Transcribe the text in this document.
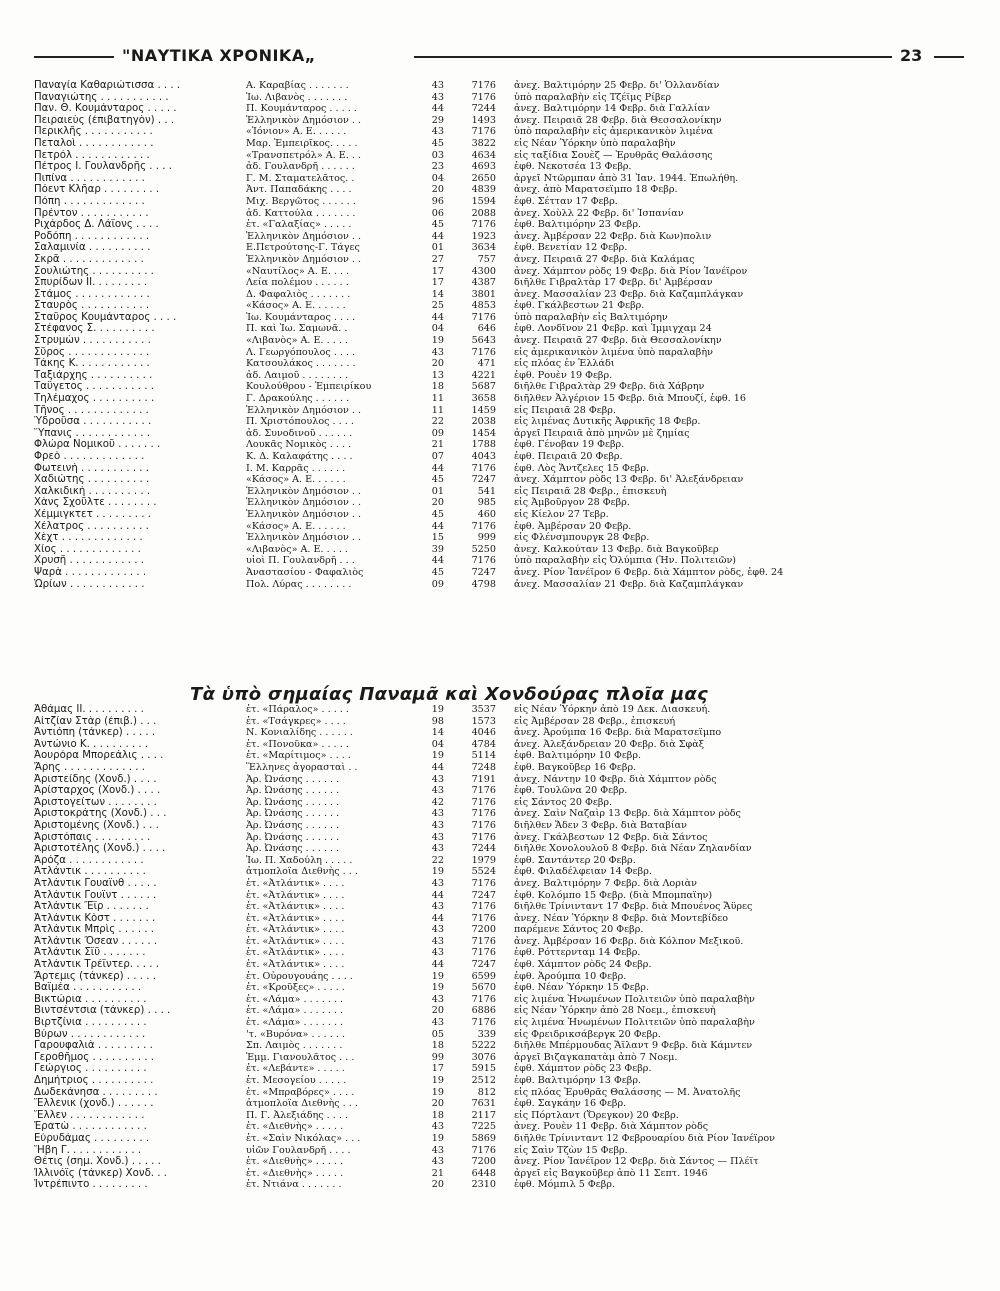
"ΝΑΥΤΙΚΑ ΧΡΟΝΙΚΑ„	23
Παναγία Καθαριώτισσα . . . .	Α. Καραβίας . . . . . . .	43	7176 ἀνεχ. Βαλτιμόρην 25 Φεβρ. δι' Ὁλλανδίαν
Παναγιώτης . . . . . . . . . . .	Ἰω. Λιβανὸς . . . . . . .	43	7176 ὑπὸ παραλαβὴν εἰς Τζέϊμς Ρίβερ
Παν. Θ. Κουμάνταρος . . . . .	Π. Κουμάνταρος . . . . .	44	7244 ἀνεχ. Βαλτιμόρην 14 Φεβρ. διὰ Γαλλίαν
Πειραιεὺς (ἐπιβατηγὸν) . . .	Ἑλληνικὸν Δημόσιον . .	29	1493 ἀνεχ. Πειραιᾶ 28 Φεβρ. διὰ Θεσσαλονίκην
Περικλῆς . . . . . . . . . . .	«Ἰόνιον» Α. Ε. . . . . .	43	7176 ὑπὸ παραλαβὴν εἰς ἀμερικανικὸν λιμένα
Πεταλοὶ . . . . . . . . . . . .	Μαρ. Ἐμπειρῖκος. . . . .	45	3822 εἰς Νέαν Ὑόρκην ὑπὸ παραλαβὴν
Πετρόλ . . . . . . . . . . . .	«Τρανσπετρόλ» Α. Ε. . .	03	4634 εἰς ταξίδια Σουὲζ — Ἐρυθρᾶς Θαλάσσης
Πέτρος Ι. Γουλανδρῆς . . . .	ἀδ. Γουλανδρῆ . . . . . .	23	4693 ἐφθ. Νεκοτσέα 13 Φεβρ.
Πιπίνα . . . . . . . . . . . .	Γ. Μ. Σταματελᾶτος. .	04	2650 ἀργεῖ Ντῶρμπαν ἀπὸ 31 Ἰαν. 1944. Ἐπωλήθη.
Πόεντ Κλῆαρ . . . . . . . . .	Ἀντ. Παπαδάκης . . . .	20	4839 ἀνεχ. ἀπὸ Μαρατσεϊμπο 18 Φεβρ.
Πόπη . . . . . . . . . . . . .	Μιχ. Βεργῶτος . . . . . .	96	1594 ἐφθ. Σέτταν 17 Φεβρ.
Πρέντον . . . . . . . . . . .	ἀδ. Καττούλα . . . . . . .	06	2088 ἀνεχ. Χοὺλλ 22 Φεβρ. δι' Ἱσπανίαν
Ριχάρδος Δ. Λάϊονς . . . .	ἐτ. «Γαλαξίας» . . . . .	45	7176 ἐφθ. Βαλτιμόρην 23 Φεβρ.
Ροδόπη . . . . . . . . . . . .	Ἑλληνικὸν Δημόσιον . .	44	1923 ἀνεχ. Ἀμβέρσαν 22 Φεβρ. διὰ Κων)πολιν
Σαλαμινία . . . . . . . . . .	Ε.Πετρούτσης-Γ. Τάγες	01	3634 ἐφθ. Βενετίαν 12 Φεβρ.
Σκρᾶ . . . . . . . . . . . . .	Ἑλληνικὸν Δημόσιον . .	27	757 ἀνεχ. Πειραιᾶ 27 Φεβρ. διὰ Καλάμας
Σουλιώτης . . . . . . . . . .	«Ναυτίλος» Α. Ε. . . .	17	4300 ἀνεχ. Χάμπτον ρὸδς 19 Φεβρ. διὰ Ρίον Ἰανέϊρον
Σπυρίδων ΙΙ. . . . . . . . .	Λεία πολέμου . . . . . .	17	4387 διῆλθε Γιβραλτὰρ 17 Φεβρ. δι' Ἀμβέρσαν
Στάμος . . . . . . . . . . . .	Δ. Φαφαλιὸς . . . . . . .	14	3801 ἀνεχ. Μασσαλίαν 23 Φεβρ. διὰ Καζαμπλάγκαν
Σταυρὸς . . . . . . . . . . .	«Κάσος» Α. Ε. . . . . .	25	4853 ἐφθ. Γκάλβεστων 21 Φεβρ.
Σταῦρος Κουμάνταρος . . . .	Ἰω. Κουμάνταρος . . . .	44	7176 ὑπὸ παραλαβὴν εἰς Βαλτιμόρην
Στέφανος Σ. . . . . . . . . .	Π. καὶ Ἰω. Σαμωνᾶ. .	04	646 ἐφθ. Λονδῖνον 21 Φεβρ. καὶ Ἰμμιγχαμ 24
Στρυμὼν . . . . . . . . . . .	«Λιβανὸς» Α. Ε. . . . .	19	5643 ἀνεχ. Πειραιᾶ 27 Φεβρ. διὰ Θεσσαλονίκην
Σῦρος . . . . . . . . . . . . .	Λ. Γεωργόπουλος . . . .	43	7176 εἰς ἀμερικανικὸν λιμένα ὑπὸ παραλαβὴν
Τάκης Κ. . . . . . . . . . . .	Κατσουλάκος . . . . . . .	20	471 εἰς πλόας ἐν Ἑλλάδι
Ταξιάρχης . . . . . . . . . .	ἀδ. Λαιμοῦ . . . . . . . .	13	4221 ἐφθ. Ρουὲν 19 Φεβρ.
Ταΰγετος . . . . . . . . . . .	Κουλούθρου - Ἐμπειρίκου	18	5687 διῆλθε Γιβραλτὰρ 29 Φεβρ. διὰ Χάβρην
Τηλέμαχος . . . . . . . . . .	Γ. Δρακούλης . . . . . .	11	3658 διῆλθεν Ἀλγέριον 15 Φεβρ. διὰ Μπουζί, ἐφθ. 16
Τῆνος . . . . . . . . . . . . .	Ἑλληνικὸν Δημόσιον . .	11	1459 εἰς Πειραιᾶ 28 Φεβρ.
Ὑδροῦσα . . . . . . . . . . .	Π. Χριστόπουλος . . . .	22	2038 εἰς λιμένας Δυτικῆς Ἀφρικῆς 18 Φεβρ.
Ὕπανις . . . . . . . . . . . .	ἀδ. Συνοδινοῦ . . . . . .	09	1454 ἀργεῖ Πειραιᾶ ἀπὸ μηνῶν μὲ ζημίας
Φλώρα Νομικοῦ . . . . . . .	Λουκᾶς Νομικὸς . . . .	21	1788 ἐφθ. Γένοβαν 19 Φεβρ.
Φρεὸ . . . . . . . . . . . . .	Κ. Δ. Καλαφάτης . . . .	07	4043 ἐφθ. Πειραιᾶ 20 Φεβρ.
Φωτεινὴ . . . . . . . . . . .	Ι. Μ. Καρρᾶς . . . . . .	44	7176 ἐφθ. Λὸς Ἄντζελες 15 Φεβρ.
Χαδιώτης . . . . . . . . . .	«Κάσος» Α. Ε. . . . . .	45	7247 ἀνεχ. Χάμπτον ρὸδς 13 Φεβρ. δι' Ἀλεξάνδρειαν
Χαλκιδικὴ . . . . . . . . . .	Ἑλληνικὸν Δημόσιον . .	01	541 εἰς Πειραιᾶ 28 Φεβρ., ἐπισκευὴ
Χὰνς Σχοῦλτε . . . . . . . .	Ἑλληνικὸν Δημόσιον . .	20	985 εἰς Ἀμβοῦργον 28 Φεβρ.
Χέμμιγκτετ . . . . . . . . .	Ἑλληνικὸν Δημόσιον . .	45	460 εἰς Κίελον 27 Τεβρ.
Χέλατρος . . . . . . . . . .	«Κάσος» Α. Ε. . . . . .	44	7176 ἐφθ. Ἀμβέρσαν 20 Φεβρ.
Χὲχτ . . . . . . . . . . . . .	Ἑλληνικὸν Δημόσιον . .	15	999 εἰς Φλένσμπουργκ 28 Φεβρ.
Χίος . . . . . . . . . . . . .	«Λιβανὸς» Α. Ε. . . . .	39	5250 ἀνεχ. Καλκούταν 13 Φεβρ. διὰ Βαγκοῦβερ
Χρυσῆ . . . . . . . . . . . .	υἱοὶ Π. Γουλανδρῆ . . .	44	7176 ὑπὸ παραλαβὴν εἰς Ὀλύμπια (Ἠν. Πολιτειῶν)
Ψαρὰ . . . . . . . . . . . . .	Ἀναστασίου - Φαφαλιὸς	45	7247 ἀνεχ. Ρίον Ἰανέϊρον 6 Φεβρ. διὰ Χάμπτον ρὸδς, ἐφθ. 24
Ὡρίων . . . . . . . . . . . .	Πολ. Λύρας . . . . . . . .	09	4798 ἀνεχ. Μασσαλίαν 21 Φεβρ. διὰ Καζαμπλάγκαν
Τὰ ὑπὸ σημαίας Παναμᾶ καὶ Χονδούρας πλοῖα μας
Ἀθάμας ΙΙ. . . . . . . . . .	ἐτ. «Πάραλος» . . . . .	19	3537 εἰς Νέαν Ὑόρκην ἀπὸ 19 Δεκ. Διασκευή.
Αἰτζίαν Στὰρ (ἐπιβ.) . . .	ἐτ. «Τσάγκρες» . . . .	98	1573 εἰς Ἀμβέρσαν 28 Φεβρ., ἐπισκευή
Ἀντιόπη (τάνκερ) . . . . .	Ν. Κονιαλίδης . . . . . .	14	4046 ἀνεχ. Ἀρούμπα 16 Φεβρ. διὰ Μαρατσεϊμπο
Ἀντώνιο Κ. . . . . . . . . .	ἐτ. «Πονοῦκα» . . . . .	04	4784 ἀνεχ. Ἀλεξάνδρειαν 20 Φεβρ. διὰ Σφὰξ
Ἀουρόρα Μπορεάλις . . . .	ἐτ. «Μαρίτιμος» . . . .	19	5114 ἐφθ. Βαλτιμόρην 10 Φεβρ.
Ἄρης . . . . . . . . . . . . .	Ἕλληνες ἀγορασταὶ . .	44	7248 ἐφθ. Βαγκοῦβερ 16 Φεβρ.
Ἀριστείδης (Χονδ.) . . . .	Ἀρ. Ὠνάσης . . . . . .	43	7191 ἀνεχ. Νάντην 10 Φεβρ. διὰ Χάμπτον ρὸδς
Ἀρίσταρχος (Χονδ.) . . . .	Ἀρ. Ὠνάσης . . . . . .	43	7176 ἐφθ. Τουλῶνα 20 Φεβρ.
Ἀριστογείτων . . . . . . . .	Ἀρ. Ὠνάσης . . . . . .	42	7176 εἰς Σάντος 20 Φεβρ.
Ἀριστοκράτης (Χονδ.) . . .	Ἀρ. Ὠνάσης . . . . . .	43	7176 ἀνεχ. Σαὶν Ναζαὶρ 13 Φεβρ. διὰ Χάμπτον ρὸδς
Ἀριστομένης (Χονδ.) . . .	Ἀρ. Ὠνάσης . . . . . .	43	7176 διῆλθεν Ἄδεν 3 Φεβρ. διὰ Βαταβίαν
Ἀριστόπαις . . . . . . . . .	Ἀρ. Ὠνάσης . . . . . .	43	7176 ἀνεχ. Γκάλβεστων 12 Φεβρ. διὰ Σάντος
Ἀριστοτέλης (Χονδ.) . . . .	Ἀρ. Ὠνάσης . . . . . .	43	7244 διῆλθε Χονολουλοῦ 8 Φεβρ. διὰ Νέαν Ζηλανδίαν
Ἀρόζα . . . . . . . . . . . .	Ἰω. Π. Χαδούλη . . . . .	22	1979 ἐφθ. Σαντάντερ 20 Φεβρ.
Ἀτλάντικ . . . . . . . . . .	ἀτμοπλοΐα Διεθνὴς . . .	19	5524 ἐφθ. Φιλαδέλφειαν 14 Φεβρ.
Ἀτλάντικ Γουαΐνθ . . . . .	ἐτ. «Ἀτλάντικ» . . . .	43	7176 ἀνεχ. Βαλτιμόρην 7 Φεβρ. διὰ Λοριὰν
Ἀτλάντικ Γουΐντ . . . . . .	ἐτ. «Ἀτλάντικ» . . . .	44	7247 ἐφθ. Κολόμπο 15 Φεβρ. (διὰ Μπομπαΐην)
Ἀτλάντικ Ἔϊρ . . . . . . .	ἐτ. «Ἀτλάντικ» . . . .	43	7176 διῆλθε Τρίνινταντ 17 Φεβρ. διὰ Μπουένος Ἄϋρες
Ἀτλάντικ Κὸστ . . . . . . .	ἐτ. «Ἀτλάντικ» . . . .	44	7176 ἀνεχ. Νέαν Ὑόρκην 8 Φεβρ. διὰ Μοντεβίδεο
Ἀτλάντικ Μπρὶς . . . . . .	ἐτ. «Ἀτλάντικ» . . . .	43	7200 παρέμενε Σάντος 20 Φεβρ.
Ἀτλάντικ Ὄσεαν . . . . . .	ἐτ. «Ἀτλάντικ» . . . .	43	7176 ἀνεχ. Ἀμβέρσαν 16 Φεβρ. διὰ Κόλπον Μεξικοῦ.
Ἀτλάντικ Σῒῦ . . . . . . .	ἐτ. «Ἀτλάντικ» . . . .	43	7176 ἐφθ. Ρόττερνταμ 14 Φεβρ.
Ἀτλάντικ Τρέϊντερ. . . . .	ἐτ. «Ἀτλάντικ» . . . .	44	7247 ἐφθ. Χάμπτον ρὸδς 24 Φεβρ.
Ἄρτεμις (τάνκερ) . . . . .	ἐτ. Οὐρουγουάης . . . .	19	6599 ἐφθ. Ἀρούμπα 10 Φεβρ.
Βαϊμέα . . . . . . . . . . .	ἐτ. «Κροῦξες» . . . . .	19	5670 ἐφθ. Νέαν Ὑόρκην 15 Φεβρ.
Βικτώρια . . . . . . . . . .	ἐτ. «Λάμα» . . . . . . .	43	7176 εἰς λιμένα Ἠνωμένων Πολιτειῶν ὑπὸ παραλαβὴν
Βιντσέντσια (τάνκερ) . . . .	ἐτ. «Λάμα» . . . . . . .	20	6886 εἰς Νέαν Ὑόρκην ἀπὸ 28 Νοεμ., ἐπισκευὴ
Βιρτζίνια . . . . . . . . . .	ἐτ. «Λάμα» . . . . . . .	43	7176 εἰς λιμένα Ἠνωμένων Πολιτειῶν ὑπὸ παραλαβὴν
Βύρων . . . . . . . . . . . .	'τ. «Βυρόνα» . . . . . .	05	339 εἰς Φρειδρικσάβεργκ 20 Φεβρ.
Γαρουφαλιὰ . . . . . . . . .	Σπ. Λαιμὸς . . . . . . .	18	5222 διῆλθε Μπέρμουδας Ἄϊλαντ 9 Φεβρ. διὰ Κάμντεν
Γεροθῆμος . . . . . . . . . .	Ἐμμ. Γιανουλᾶτος . . .	99	3076 ἀργεῖ Βιζαγκαπατὰμ ἀπὸ 7 Νοεμ.
Γεώργιος . . . . . . . . . .	ἐτ. «Λεβάντε» . . . . .	17	5915 ἐφθ. Χάμπτον ρὸδς 23 Φεβρ.
Δημήτριος . . . . . . . . . .	ἐτ. Μεσογείου . . . . .	19	2512 ἐφθ. Βαλτιμόρην 13 Φεβρ.
Δωδεκάνησα . . . . . . . . .	ἐτ. «Μπραβόρες» . . . .	19	812 εἰς πλόας Ἐρυθρᾶς Θαλάσσης — Μ. Ἀνατολῆς
Ἕλλενικ (χονδ.) . . . . . .	ἀτμοπλοΐα Διεθνὴς . . .	20	7631 ἐφθ. Σαγκάην 16 Φεβρ.
Ἕλλεν . . . . . . . . . . . .	Π. Γ. Ἀλεξιάδης . . . .	18	2117 εἰς Πόρτλαντ (Ὄρεγκον) 20 Φεβρ.
Ἐρατὼ . . . . . . . . . . . .	ἐτ. «Διεθνὴς» . . . . .	43	7225 ἀνεχ. Ρουὲν 11 Φεβρ. διὰ Χάμπτον ρὸδς
Εὐρυδάμας . . . . . . . . .	ἐτ. «Σαὶν Νικόλας» . . .	19	5869 διῆλθε Τρίνινταντ 12 Φεβρουαρίου διὰ Ρίον Ἰανέϊρον
Ἥβη Γ. . . . . . . . . . . .	υἱῶν Γουλανδρῆ . . . .	43	7176 εἰς Σαὶν Τζὼν 15 Φεβρ.
Θέτις (σημ. Χονδ.) . . . . .	ἐτ. «Διεθνὴς» . . . . .	43	7200 ἀνεχ. Ρίον Ἰανέϊρον 12 Φεβρ. διὰ Σάντος — Πλέϊτ
Ἰλλινόϊς (τάνκερ) Χονδ. . .	ἐτ. «Διεθνὴς» . . . . .	21	6448 ἀργεῖ εἰς Βαγκοῦβερ ἀπὸ 11 Σεπτ. 1946
Ἰντρέπιντο . . . . . . . . .	ἐτ. Ντιάνα . . . . . . .	20	2310 ἐφθ. Μόμπιλ 5 Φεβρ.
